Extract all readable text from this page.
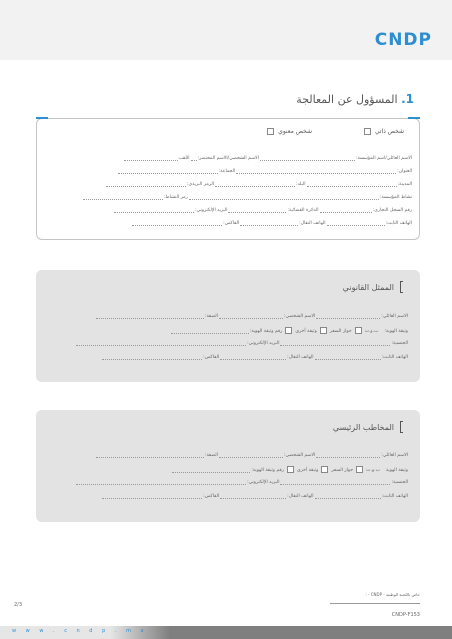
CNDP
1. المسؤول عن المعالجة
شخص ذاتي
شخص معنوي
الاسم العائلي/اسم المؤسسة:
الاسم الشخصي/الاسم المختصر:
اللقب
العنوان:
الجماعة:
المدينة:
البلد:
الرمز البريدي:
نشاط المؤسسة:
رمز النشاط:
رقم السجل التجاري:
الدائرة القضائية:
البريد الإلكتروني:
الهاتف الثابت:
الهاتف النقال:
الفاكس:
الممثل القانوني
الاسم العائلي:
الاسم الشخصي:
الصفة:
وثيقة الهوية:
ب.و.ت
جواز السفر
وثيقة أخرى
رقم وثيقة الهوية:
الجنسية:
البريد الإلكتروني:
الهاتف الثابت:
الهاتف النقال:
الفاكس:
المخاطب الرئيسي
الاسم العائلي:
الاسم الشخصي:
الصفة:
وثيقة الهوية
ب.و.ت
جواز السفر
وثيقة أخرى
رقم وثيقة الهوية:
الجنسية:
البريد الإلكتروني:
الهاتف الثابت:
الهاتف النقال:
الفاكس:
خاص باللجنة الوطنية - CNDP - :
CNDP-F153
2/3
w w w . c n d p . m a
